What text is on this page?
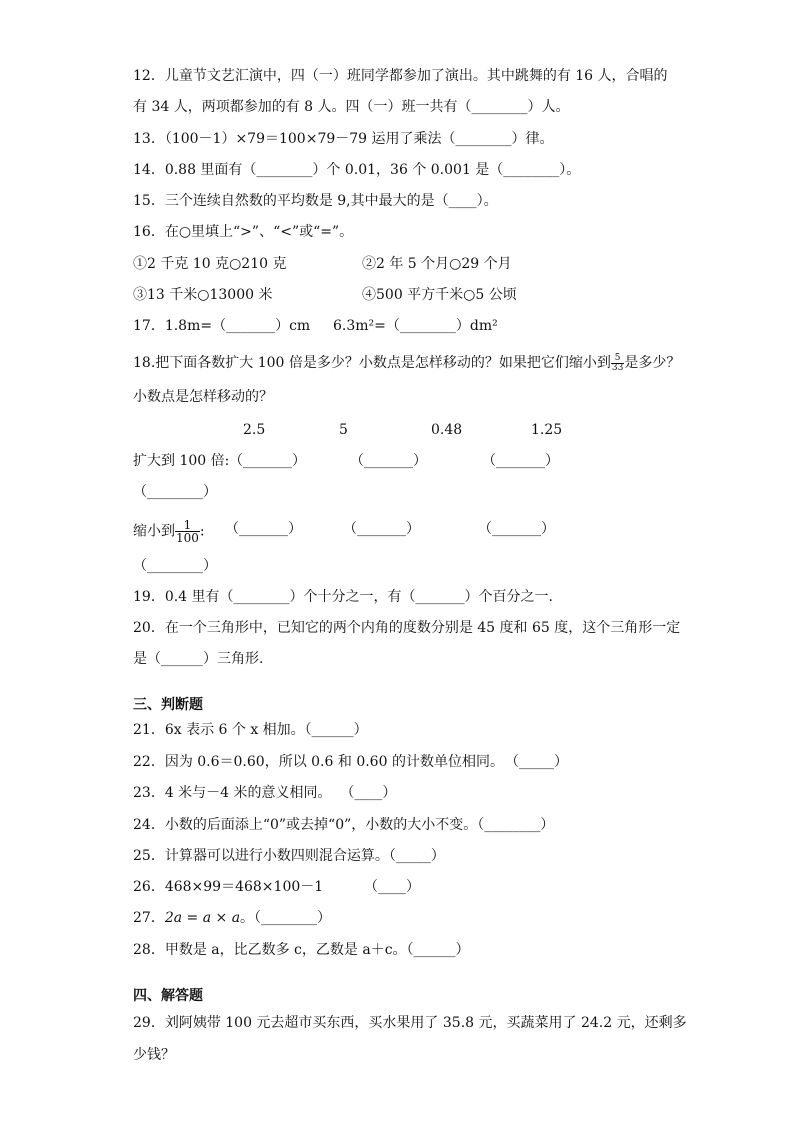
12．儿童节文艺汇演中，四（一）班同学都参加了演出。其中跳舞的有 16 人，合唱的
有 34 人，两项都参加的有 8 人。四（一）班一共有（________）人。
13．（100－1）×79＝100×79－79 运用了乘法（________）律。
14．0.88 里面有（________）个 0.01，36 个 0.001 是（________）。
15．三个连续自然数的平均数是 9,其中最大的是（____）。
16．在○里填上“>”、“<”或“=”。
①2 千克 10 克○210 克	②2 年 5 个月○29 个月
③13 千米○13000 米	④500 平方千米○5 公顷
17．1.8m=（_______）cm 6.3m²=（________）dm²
18.把下面各数扩大 100 倍是多少？小数点是怎样移动的？如果把它们缩小到 $\frac{5}{33}$ 是多少？
小数点是怎样移动的？
2.5	5	0.48	1.25
扩大到 100 倍: （_______）	（_______）	（_______）
（________）
缩小到 $\frac{1}{100}$ : （_______）	（_______）	（_______）
（________）
19．0.4 里有（________）个十分之一，有（_______）个百分之一.
20．在一个三角形中，已知它的两个内角的度数分别是 45 度和 65 度，这个三角形一定
是（______）三角形.
三、判断题
21．6x 表示 6 个 x 相加。（______）
22．因为 0.6＝0.60，所以 0.6 和 0.60 的计数单位相同。 （_____）
23．4 米与－4 米的意义相同。  （____）
24．小数的后面添上“0”或去掉“0”，小数的大小不变。（________）
25．计算器可以进行小数四则混合运算。（_____）
26．468×99＝468×100－1	（____）
27．2a = a × a。（________）
28．甲数是 a，比乙数多 c，乙数是 a＋c。（______）
四、解答题
29．刘阿姨带 100 元去超市买东西，买水果用了 35.8 元，买蔬菜用了 24.2 元，还剩多
少钱？
